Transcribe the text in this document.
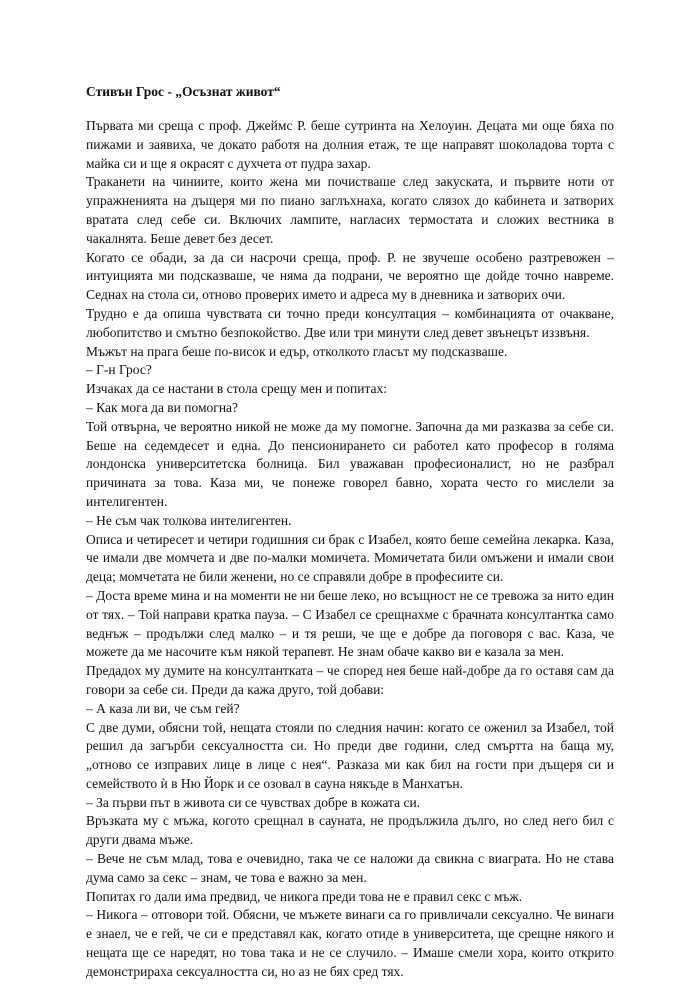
Стивън Грос - „Осъзнат живот“

Първата ми среща с проф. Джеймс Р. беше сутринта на Хелоуин. Децата ми още бяха по пижами и заявиха, че докато работя на долния етаж, те ще направят шоколадова торта с майка си и ще я окрасят с духчета от пудра захар.

Траканети на чиниите, които жена ми почистваше след закуската, и първите ноти от упражненията на дъщеря ми по пиано заглъхнаха, когато слязох до кабинета и затворих вратата след себе си. Включих лампите, нагласих термостата и сложих вестника в чакалнята. Беше девет без десет.

Когато се обади, за да си насрочи среща, проф. Р. не звучеше особено разтревожен – интуицията ми подсказваше, че няма да подрани, че вероятно ще дойде точно навреме. Седнах на стола си, отново проверих името и адреса му в дневника и затворих очи.

Трудно е да опиша чувствата си точно преди консултация – комбинацията от очакване, любопитство и смътно безпокойство. Две или три минути след девет звънецът иззвъня.

Мъжът на прага беше по-висок и едър, отколкото гласът му подсказваше.

– Г-н Грос?

Изчаках да се настани в стола срещу мен и попитах:

– Как мога да ви помогна?

Той отвърна, че вероятно никой не може да му помогне. Започна да ми разказва за себе си. Беше на седемдесет и една. До пенсионирането си работел като професор в голяма лондонска университетска болница. Бил уважаван професионалист, но не разбрал причината за това. Каза ми, че понеже говорел бавно, хората често го мислели за интелигентен.

– Не съм чак толкова интелигентен.

Описа и четиресет и четири годишния си брак с Изабел, която беше семейна лекарка. Каза, че имали две момчета и две по-малки момичета. Момичетата били омъжени и имали свои деца; момчетата не били женени, но се справяли добре в професиите си.

– Доста време мина и на моменти не ни беше леко, но всъщност не се тревожа за нито един от тях. – Той направи кратка пауза. – С Изабел се срещнахме с брачната консултантка само веднъж – продължи след малко – и тя реши, че ще е добре да поговоря с вас. Каза, че можете да ме насочите към някой терапевт. Не знам обаче какво ви е казала за мен.

Предадох му думите на консултантката – че според нея беше най-добре да го оставя сам да говори за себе си. Преди да кажа друго, той добави:

– А каза ли ви, че съм гей?

С две думи, обясни той, нещата стояли по следния начин: когато се оженил за Изабел, той решил да загърби сексуалността си. Но преди две години, след смъртта на баща му, „отново се изправих лице в лице с нея“. Разказа ми как бил на гости при дъщеря си и семейството ѝ в Ню Йорк и се озовал в сауна някъде в Манхатън.

– За първи път в живота си се чувствах добре в кожата си.

Връзката му с мъжа, когото срещнал в сауната, не продължила дълго, но след него бил с други двама мъже.

– Вече не съм млад, това е очевидно, така че се наложи да свикна с виаграта. Но не става дума само за секс – знам, че това е важно за мен.

Попитах го дали има предвид, че никога преди това не е правил секс с мъж.

– Никога – отговори той. Обясни, че мъжете винаги са го привличали сексуално. Че винаги е знаел, че е гей, че си е представял как, когато отиде в университета, ще срещне някого и нещата ще се наредят, но това така и не се случило. – Имаше смели хора, които открито демонстрираха сексуалността си, но аз не бях сред тях.
